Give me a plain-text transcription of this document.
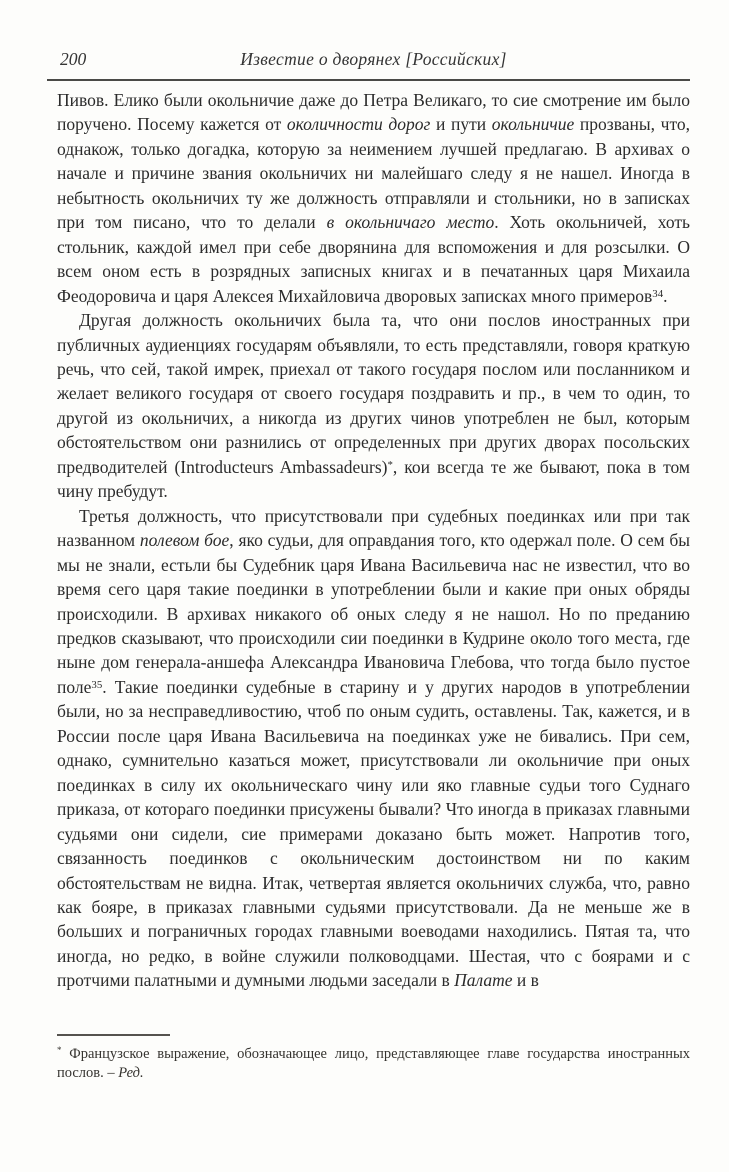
200	Известие о дворянех [Российских]

Пивов. Елико были окольничие даже до Петра Великаго, то сие смотрение им было поручено. Посему кажется от околичности дорог и пути окольничие прозваны, что, однакож, только догадка, которую за неимением лучшей предлагаю. В архивах о начале и причине звания окольничих ни малейшаго следу я не нашел. Иногда в небытность окольничих ту же должность отправляли и стольники, но в записках при том писано, что то делали в окольничаго место. Хоть окольничей, хоть стольник, каждой имел при себе дворянина для вспоможения и для розсылки. О всем оном есть в розрядных записных книгах и в печатанных царя Михаила Феодоровича и царя Алексея Михайловича дворовых записках много примеров$^{34}$.

Другая должность окольничих была та, что они послов иностранных при публичных аудиенциях государям объявляли, то есть представляли, говоря краткую речь, что сей, такой имрек, приехал от такого государя послом или посланником и желает великого государя от своего государя поздравить и пр., в чем то один, то другой из окольничих, а никогда из других чинов употреблен не был, которым обстоятельством они разнились от определенных при других дворах посольских предводителей (Introducteurs Ambassadeurs)*, кои всегда те же бывают, пока в том чину пребудут.

Третья должность, что присутствовали при судебных поединках или при так названном полевом бое, яко судьи, для оправдания того, кто одержал поле. О сем бы мы не знали, естьли бы Судебник царя Ивана Васильевича нас не известил, что во время сего царя такие поединки в употреблении были и какие при оных обряды происходили. В архивах никакого об оных следу я не нашол. Но по преданию предков сказывают, что происходили сии поединки в Кудрине около того места, где ныне дом генерала-аншефа Александра Ивановича Глебова, что тогда было пустое поле$^{35}$. Такие поединки судебные в старину и у других народов в употреблении были, но за несправедливостию, чтоб по оным судить, оставлены. Так, кажется, и в России после царя Ивана Васильевича на поединках уже не бивались. При сем, однако, сумнительно казаться может, присутствовали ли окольничие при оных поединках в силу их окольническаго чину или яко главные судьи того Суднаго приказа, от котораго поединки присужены бывали? Что иногда в приказах главными судьями они сидели, сие примерами доказано быть может. Напротив того, связанность поединков с окольническим достоинством ни по каким обстоятельствам не видна. Итак, четвертая является окольничих служба, что, равно как бояре, в приказах главными судьями присутствовали. Да не меньше же в больших и пограничных городах главными воеводами находились. Пятая та, что иногда, но редко, в войне служили полководцами. Шестая, что с боярами и с протчими палатными и думными людьми заседали в Палате и в

* Французское выражение, обозначающее лицо, представляющее главе государства иностранных послов. – Ред.
